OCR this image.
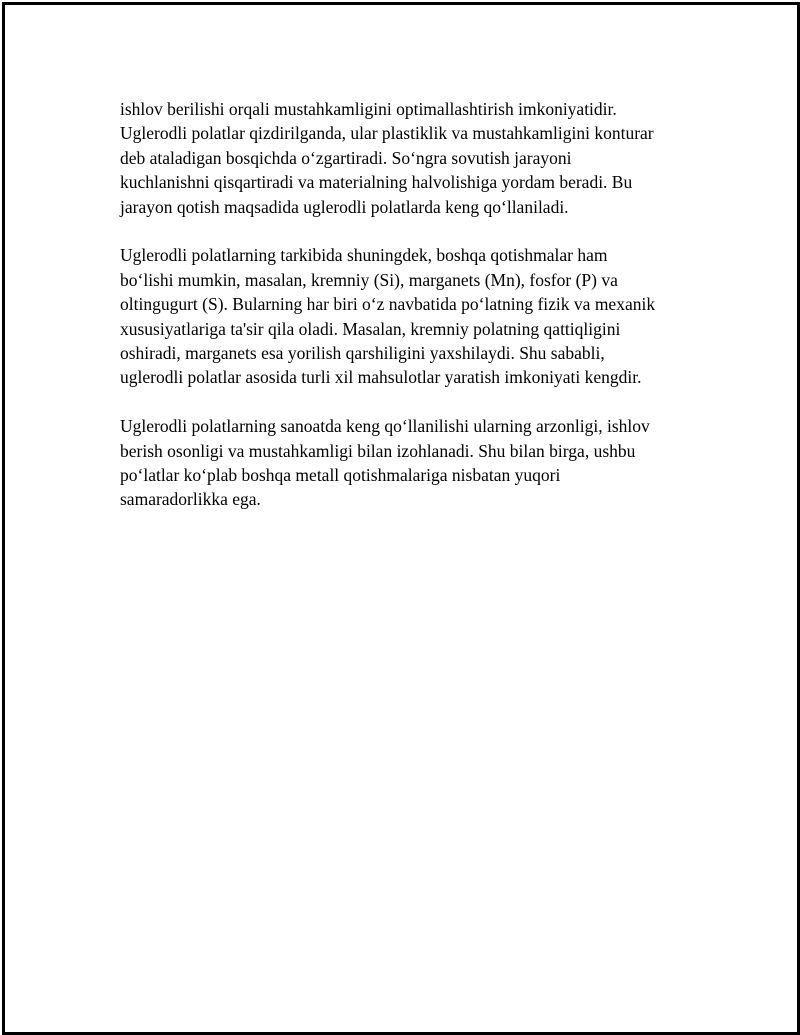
ishlov berilishi orqali mustahkamligini optimallashtirish imkoniyatidir.
Uglerodli polatlar qizdirilganda, ular plastiklik va mustahkamligini konturar
deb ataladigan bosqichda o‘zgartiradi. So‘ngra sovutish jarayoni
kuchlanishni qisqartiradi va materialning halvolishiga yordam beradi. Bu
jarayon qotish maqsadida uglerodli polatlarda keng qo‘llaniladi.

Uglerodli polatlarning tarkibida shuningdek, boshqa qotishmalar ham
bo‘lishi mumkin, masalan, kremniy (Si), marganets (Mn), fosfor (P) va
oltingugurt (S). Bularning har biri o‘z navbatida po‘latning fizik va mexanik
xususiyatlariga ta'sir qila oladi. Masalan, kremniy polatning qattiqligini
oshiradi, marganets esa yorilish qarshiligini yaxshilaydi. Shu sababli,
uglerodli polatlar asosida turli xil mahsulotlar yaratish imkoniyati kengdir.

Uglerodli polatlarning sanoatda keng qo‘llanilishi ularning arzonligi, ishlov
berish osonligi va mustahkamligi bilan izohlanadi. Shu bilan birga, ushbu
po‘latlar ko‘plab boshqa metall qotishmalariga nisbatan yuqori
samaradorlikka ega.
